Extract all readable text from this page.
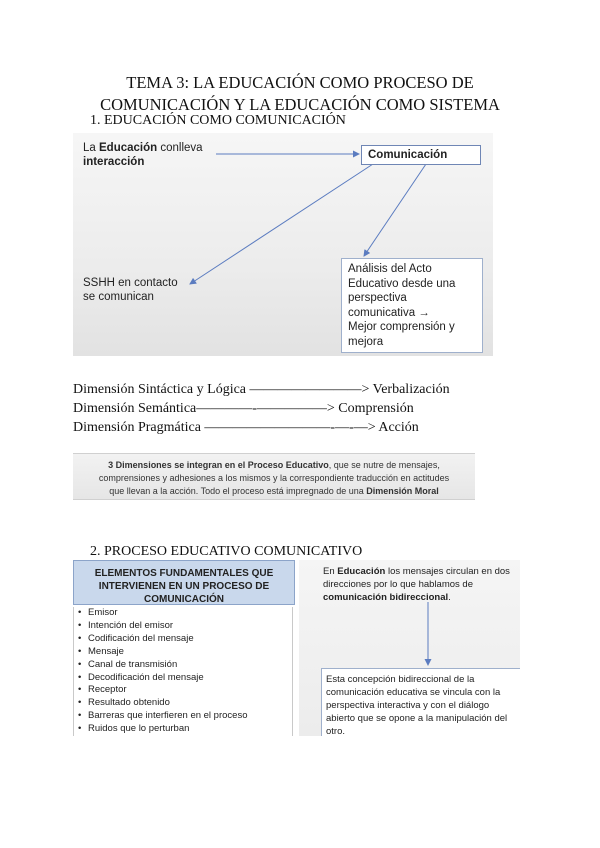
TEMA 3: LA EDUCACIÓN COMO PROCESO DE
COMUNICACIÓN Y LA EDUCACIÓN COMO SISTEMA
1. EDUCACIÓN COMO COMUNICACIÓN
La Educación conlleva
interacción
Comunicación
SSHH en contacto
se comunican
Análisis del Acto
Educativo desde una
perspectiva
comunicativa →
Mejor comprensión y
mejora
Dimensión Sintáctica y Lógica ————————> Verbalización
Dimensión Semántica————-—————> Comprensión
Dimensión Pragmática —————————-—-—> Acción
3 Dimensiones se integran en el Proceso Educativo, que se nutre de mensajes,
comprensiones y adhesiones a los mismos y la correspondiente traducción en actitudes
que llevan a la acción. Todo el proceso está impregnado de una Dimensión Moral
2. PROCESO EDUCATIVO COMUNICATIVO
ELEMENTOS FUNDAMENTALES QUE
INTERVIENEN EN UN PROCESO DE
COMUNICACIÓN
• Emisor
• Intención del emisor
• Codificación del mensaje
• Mensaje
• Canal de transmisión
• Decodificación del mensaje
• Receptor
• Resultado obtenido
• Barreras que interfieren en el proceso
• Ruidos que lo perturban
En Educación los mensajes circulan en dos direcciones por lo que hablamos de comunicación bidireccional.
Esta concepción bidireccional de la comunicación educativa se vincula con la perspectiva interactiva y con el diálogo abierto que se opone a la manipulación del otro.
